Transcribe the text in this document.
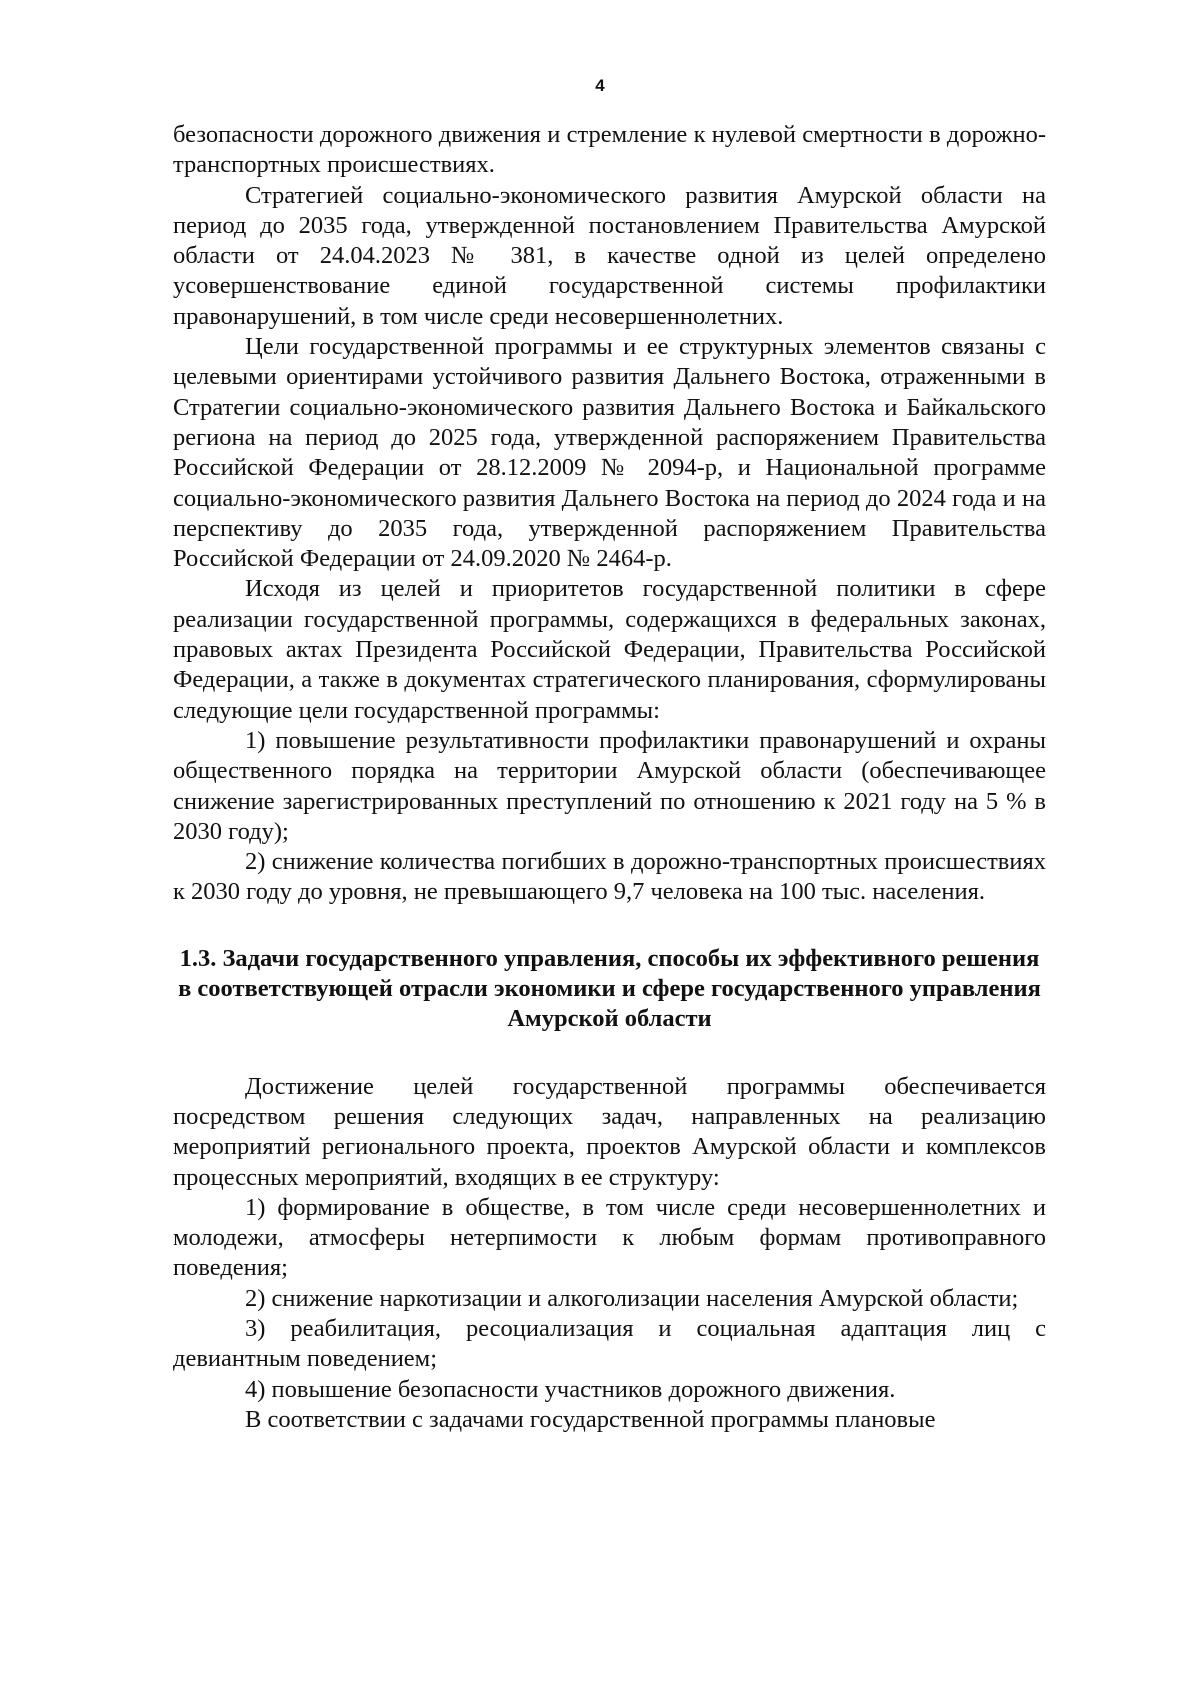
4

безопасности дорожного движения и стремление к нулевой смертности в дорожно-транспортных происшествиях.

Стратегией социально-экономического развития Амурской области на период до 2035 года, утвержденной постановлением Правительства Амурской области от 24.04.2023 № 381, в качестве одной из целей определено усовершенствование единой государственной системы профилактики правонарушений, в том числе среди несовершеннолетних.

Цели государственной программы и ее структурных элементов связаны с целевыми ориентирами устойчивого развития Дальнего Востока, отраженными в Стратегии социально-экономического развития Дальнего Востока и Байкальского региона на период до 2025 года, утвержденной распоряжением Правительства Российской Федерации от 28.12.2009 № 2094-р, и Национальной программе социально-экономического развития Дальнего Востока на период до 2024 года и на перспективу до 2035 года, утвержденной распоряжением Правительства Российской Федерации от 24.09.2020 № 2464-р.

Исходя из целей и приоритетов государственной политики в сфере реализации государственной программы, содержащихся в федеральных законах, правовых актах Президента Российской Федерации, Правительства Российской Федерации, а также в документах стратегического планирования, сформулированы следующие цели государственной программы:

1) повышение результативности профилактики правонарушений и охраны общественного порядка на территории Амурской области (обеспечивающее снижение зарегистрированных преступлений по отношению к 2021 году на 5 % в 2030 году);

2) снижение количества погибших в дорожно-транспортных происшествиях к 2030 году до уровня, не превышающего 9,7 человека на 100 тыс. населения.

1.3. Задачи государственного управления, способы их эффективного решения в соответствующей отрасли экономики и сфере государственного управления Амурской области

Достижение целей государственной программы обеспечивается посредством решения следующих задач, направленных на реализацию мероприятий регионального проекта, проектов Амурской области и комплексов процессных мероприятий, входящих в ее структуру:

1) формирование в обществе, в том числе среди несовершеннолетних и молодежи, атмосферы нетерпимости к любым формам противоправного поведения;

2) снижение наркотизации и алкоголизации населения Амурской области;

3) реабилитация, ресоциализация и социальная адаптация лиц с девиантным поведением;

4) повышение безопасности участников дорожного движения.

В соответствии с задачами государственной программы плановые
